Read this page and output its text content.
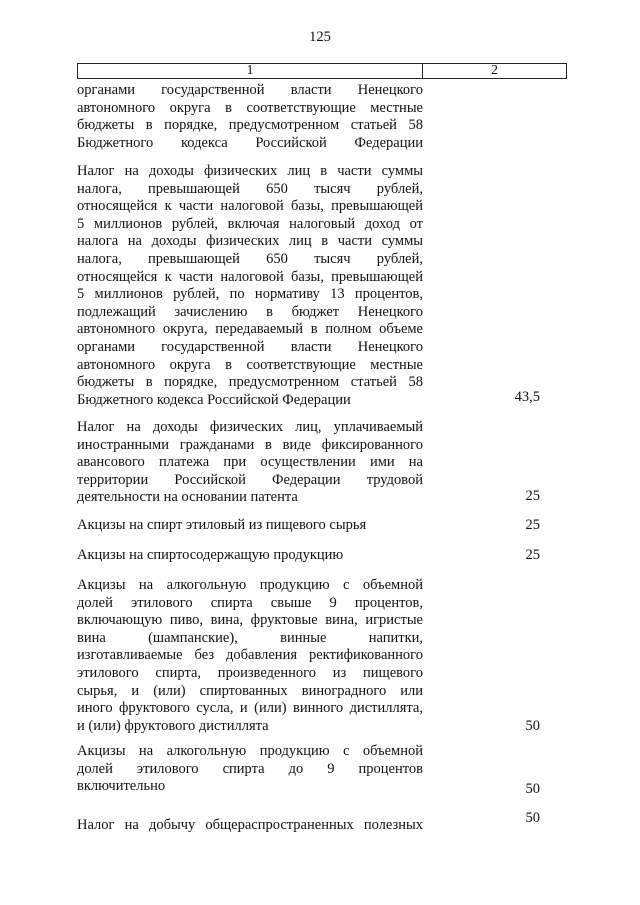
125
1	2
органами государственной власти Ненецкого
автономного округа в соответствующие местные
бюджеты в порядке, предусмотренном статьей 58
Бюджетного кодекса Российской Федерации
Налог на доходы физических лиц в части суммы
налога, превышающей 650 тысяч рублей,
относящейся к части налоговой базы, превышающей
5 миллионов рублей, включая налоговый доход от
налога на доходы физических лиц в части суммы
налога, превышающей 650 тысяч рублей,
относящейся к части налоговой базы, превышающей
5 миллионов рублей, по нормативу 13 процентов,
подлежащий зачислению в бюджет Ненецкого
автономного округа, передаваемый в полном объеме
органами государственной власти Ненецкого
автономного округа в соответствующие местные
бюджеты в порядке, предусмотренном статьей 58
Бюджетного кодекса Российской Федерации	43,5
Налог на доходы физических лиц, уплачиваемый
иностранными гражданами в виде фиксированного
авансового платежа при осуществлении ими на
территории Российской Федерации трудовой
деятельности на основании патента	25
Акцизы на спирт этиловый из пищевого сырья	25
Акцизы на спиртосодержащую продукцию	25
Акцизы на алкогольную продукцию с объемной
долей этилового спирта свыше 9 процентов,
включающую пиво, вина, фруктовые вина, игристые
вина (шампанские), винные напитки,
изготавливаемые без добавления ректификованного
этилового спирта, произведенного из пищевого
сырья, и (или) спиртованных виноградного или
иного фруктового сусла, и (или) винного дистиллята,
и (или) фруктового дистиллята	50
Акцизы на алкогольную продукцию с объемной
долей этилового спирта до 9 процентов
включительно	50
Налог на добычу общераспространенных полезных	50
